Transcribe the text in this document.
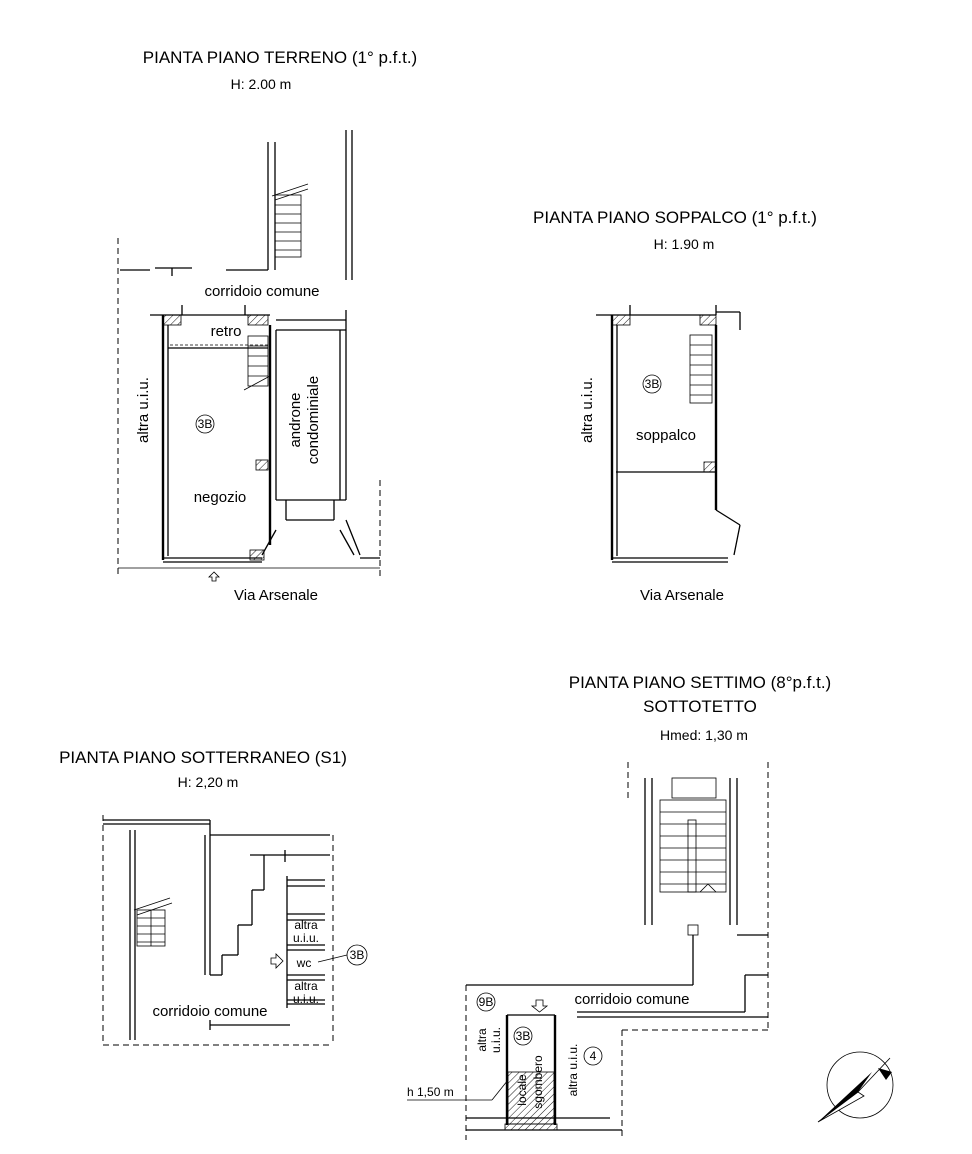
PIANTA PIANO TERRENO (1° p.f.t.)
H: 2.00 m
corridoio comune
altra u.i.u.
retro
androne condominiale
3B
negozio
Via Arsenale
PIANTA PIANO SOPPALCO (1° p.f.t.)
H: 1.90 m
altra u.i.u.	3B
soppalco
Via Arsenale
PIANTA PIANO SETTIMO (8°p.f.t.)
SOTTOTETTO
Hmed: 1,30 m
corridoio comune
9B
altra u.i.u. 3B
locale sgombero altra u.i.u. 4
h 1,50 m
PIANTA PIANO SOTTERRANEO (S1)
H: 2,20 m
altra
u.i.u.
wc
3B
altra
u.i.u.
corridoio comune
